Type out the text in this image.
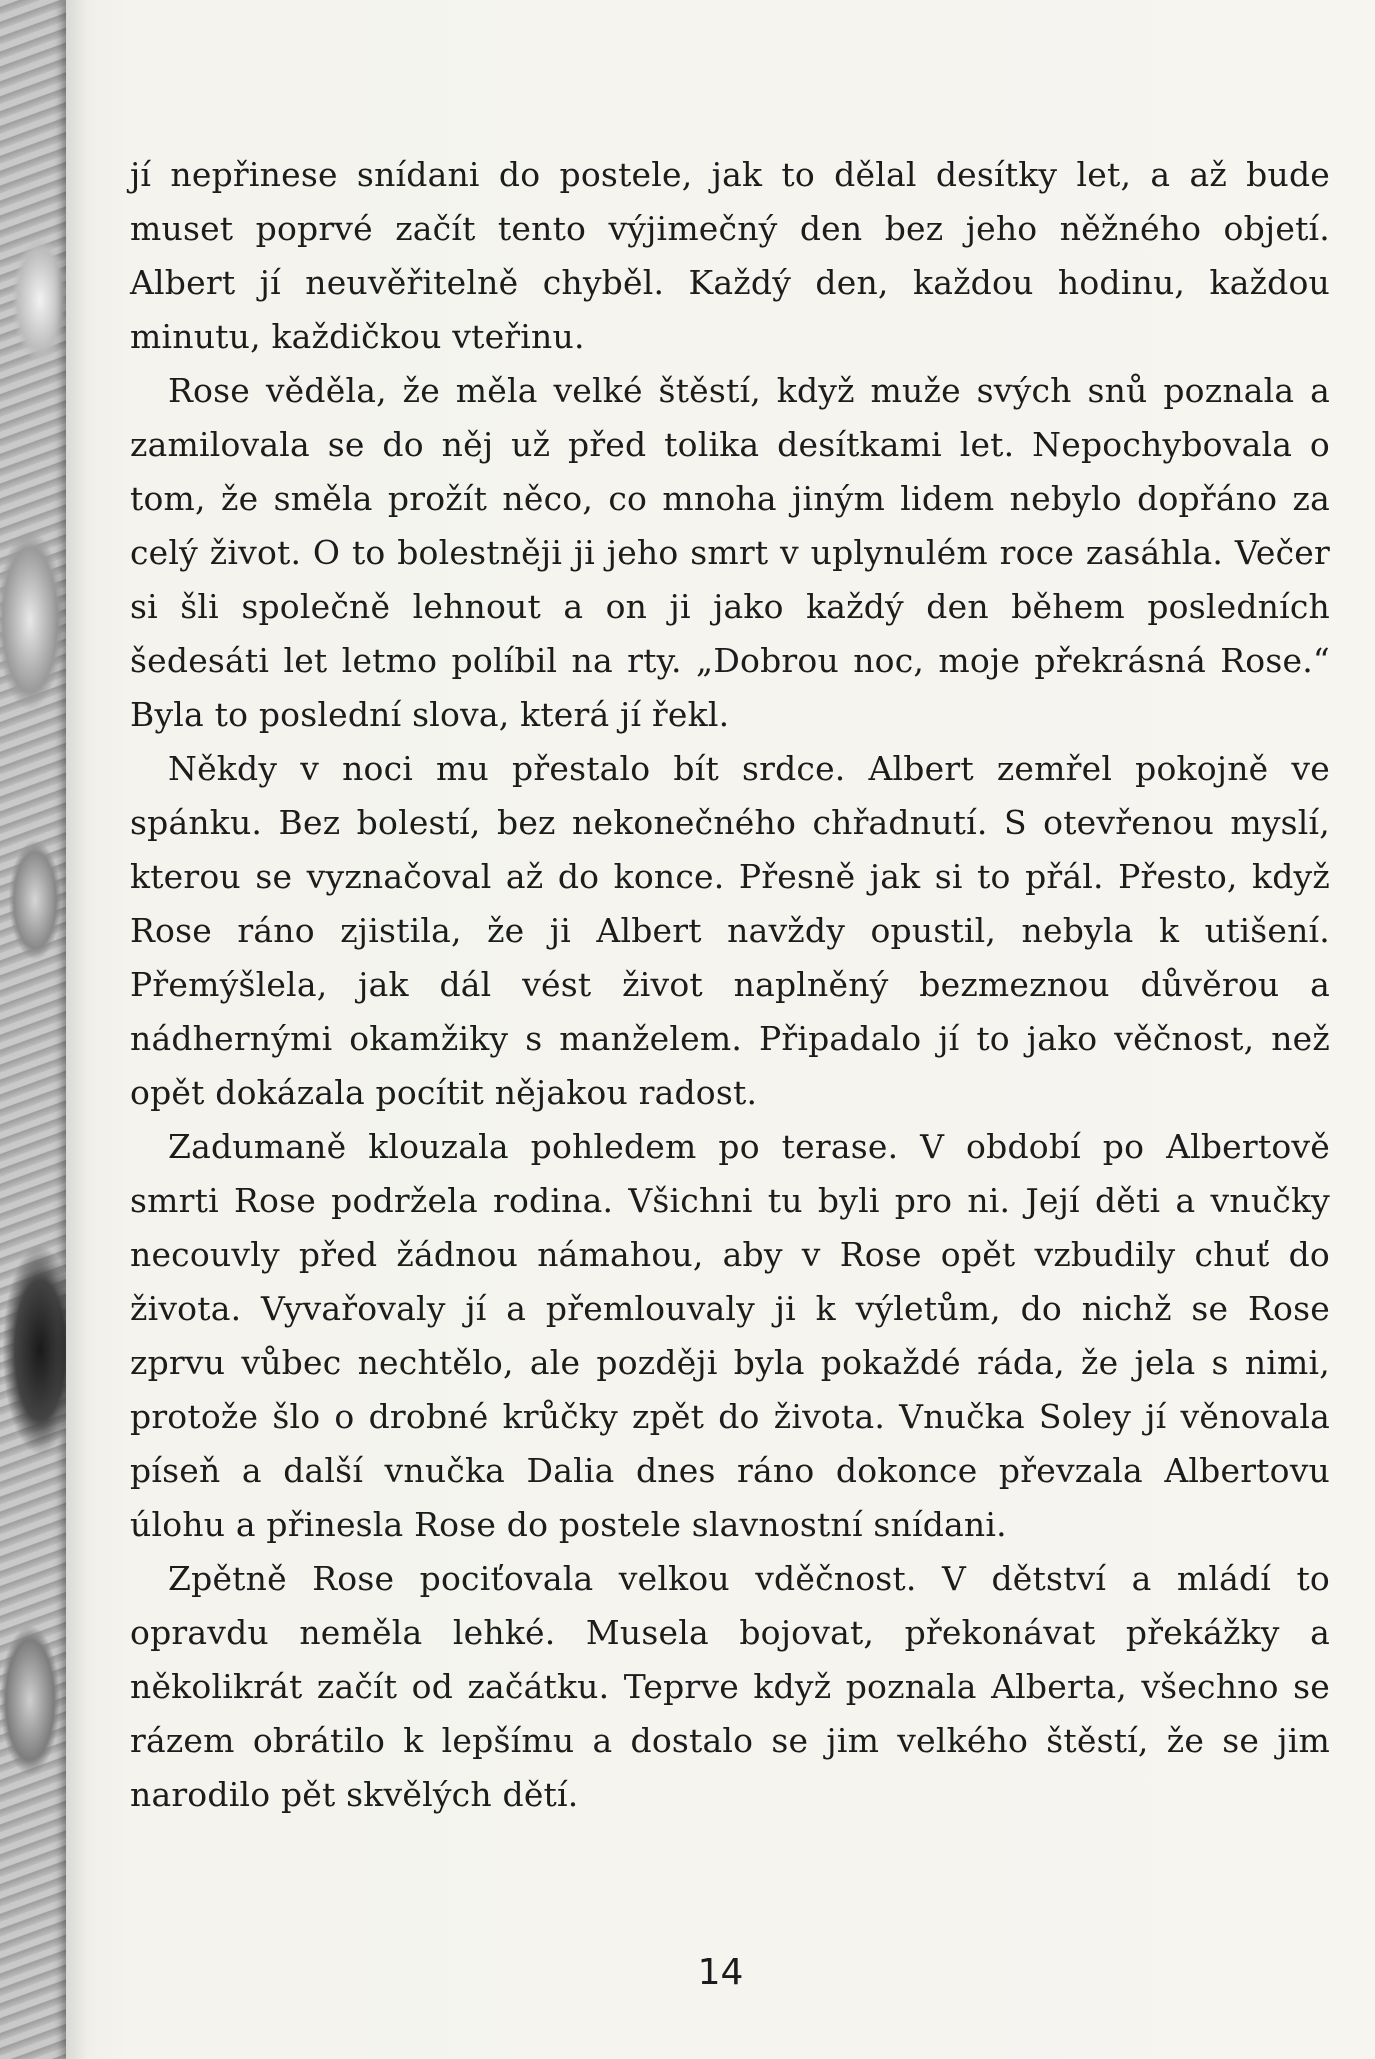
jí nepřinese snídani do postele, jak to dělal desítky let, a až bude muset poprvé začít tento výjimečný den bez jeho něžného objetí. Albert jí neuvěřitelně chyběl. Každý den, každou hodinu, každou minutu, každičkou vteřinu.

Rose věděla, že měla velké štěstí, když muže svých snů poznala a zamilovala se do něj už před tolika desítkami let. Nepochybovala o tom, že směla prožít něco, co mnoha jiným lidem nebylo dopřáno za celý život. O to bolestněji ji jeho smrt v uplynulém roce zasáhla. Večer si šli společně lehnout a on ji jako každý den během posledních šedesáti let letmo políbil na rty. „Dobrou noc, moje překrásná Rose.“ Byla to poslední slova, která jí řekl.

Někdy v noci mu přestalo bít srdce. Albert zemřel pokojně ve spánku. Bez bolestí, bez nekonečného chřadnutí. S otevřenou myslí, kterou se vyznačoval až do konce. Přesně jak si to přál. Přesto, když Rose ráno zjistila, že ji Albert navždy opustil, nebyla k utišení. Přemýšlela, jak dál vést život naplněný bezmeznou důvěrou a nádhernými okamžiky s manželem. Připadalo jí to jako věčnost, než opět dokázala pocítit nějakou radost.

Zadumaně klouzala pohledem po terase. V období po Albertově smrti Rose podržela rodina. Všichni tu byli pro ni. Její děti a vnučky necouvly před žádnou námahou, aby v Rose opět vzbudily chuť do života. Vyvařovaly jí a přemlouvaly ji k výletům, do nichž se Rose zprvu vůbec nechtělo, ale později byla pokaždé ráda, že jela s nimi, protože šlo o drobné krůčky zpět do života. Vnučka Soley jí věnovala píseň a další vnučka Dalia dnes ráno dokonce převzala Albertovu úlohu a přinesla Rose do postele slavnostní snídani.

Zpětně Rose pociťovala velkou vděčnost. V dětství a mládí to opravdu neměla lehké. Musela bojovat, překonávat překážky a několikrát začít od začátku. Teprve když poznala Alberta, všechno se rázem obrátilo k lepšímu a dostalo se jim velkého štěstí, že se jim narodilo pět skvělých dětí.

14
